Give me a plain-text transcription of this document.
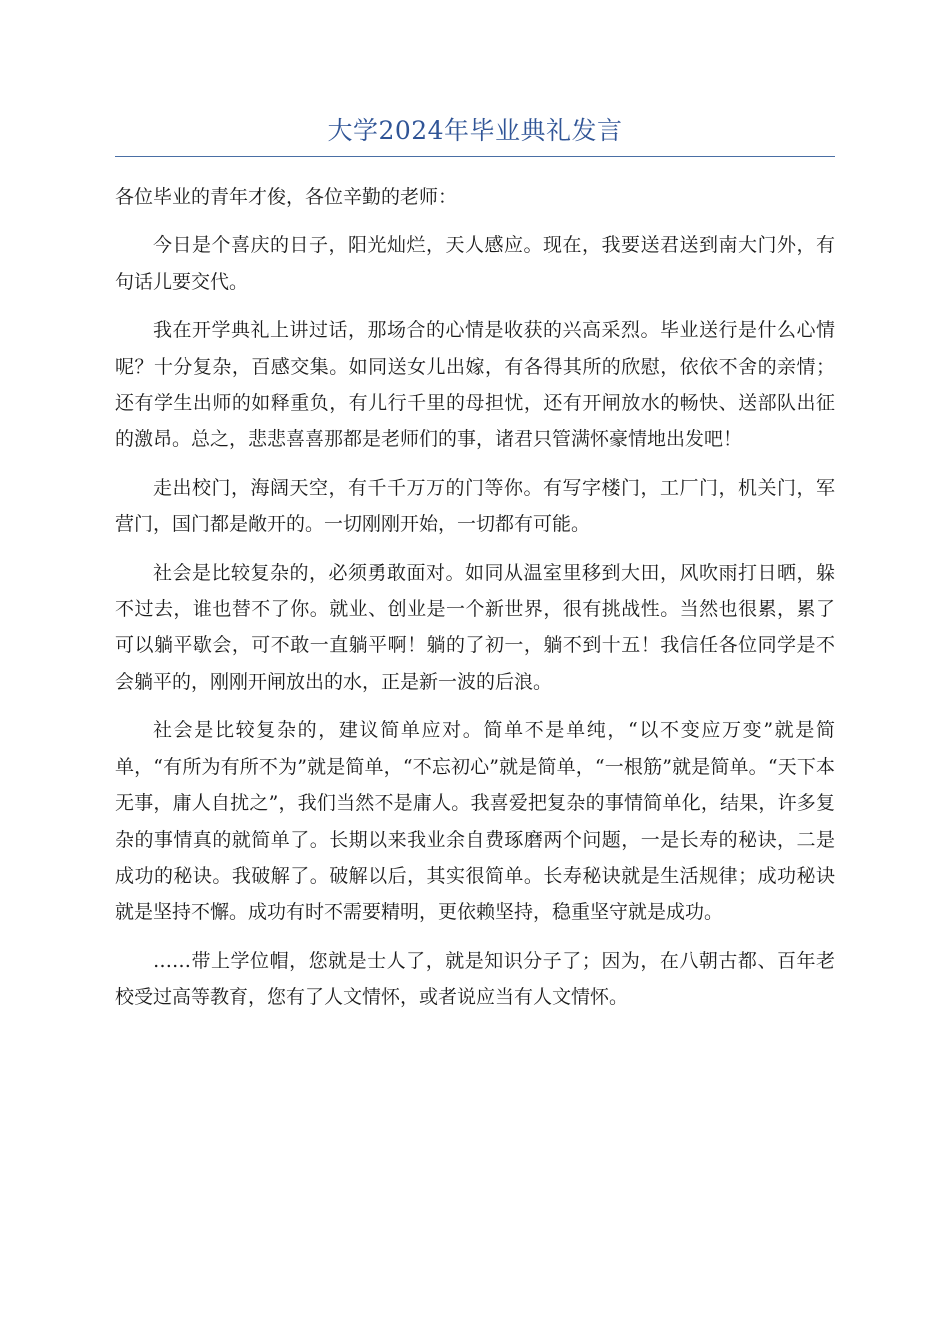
大学2024年毕业典礼发言

各位毕业的青年才俊，各位辛勤的老师：

今日是个喜庆的日子，阳光灿烂，天人感应。现在，我要送君送到南大门外，有句话儿要交代。

我在开学典礼上讲过话，那场合的心情是收获的兴高采烈。毕业送行是什么心情呢？十分复杂，百感交集。如同送女儿出嫁，有各得其所的欣慰，依依不舍的亲情；还有学生出师的如释重负，有儿行千里的母担忧，还有开闸放水的畅快、送部队出征的激昂。总之，悲悲喜喜那都是老师们的事，诸君只管满怀豪情地出发吧！

走出校门，海阔天空，有千千万万的门等你。有写字楼门，工厂门，机关门，军营门，国门都是敞开的。一切刚刚开始，一切都有可能。

社会是比较复杂的，必须勇敢面对。如同从温室里移到大田，风吹雨打日晒，躲不过去，谁也替不了你。就业、创业是一个新世界，很有挑战性。当然也很累，累了可以躺平歇会，可不敢一直躺平啊！躺的了初一，躺不到十五！我信任各位同学是不会躺平的，刚刚开闸放出的水，正是新一波的后浪。

社会是比较复杂的，建议简单应对。简单不是单纯，“以不变应万变”就是简单，“有所为有所不为”就是简单，“不忘初心”就是简单，“一根筋”就是简单。“天下本无事，庸人自扰之”，我们当然不是庸人。我喜爱把复杂的事情简单化，结果，许多复杂的事情真的就简单了。长期以来我业余自费琢磨两个问题，一是长寿的秘诀，二是成功的秘诀。我破解了。破解以后，其实很简单。长寿秘诀就是生活规律；成功秘诀就是坚持不懈。成功有时不需要精明，更依赖坚持，稳重坚守就是成功。

……带上学位帽，您就是士人了，就是知识分子了；因为，在八朝古都、百年老校受过高等教育，您有了人文情怀，或者说应当有人文情怀。
